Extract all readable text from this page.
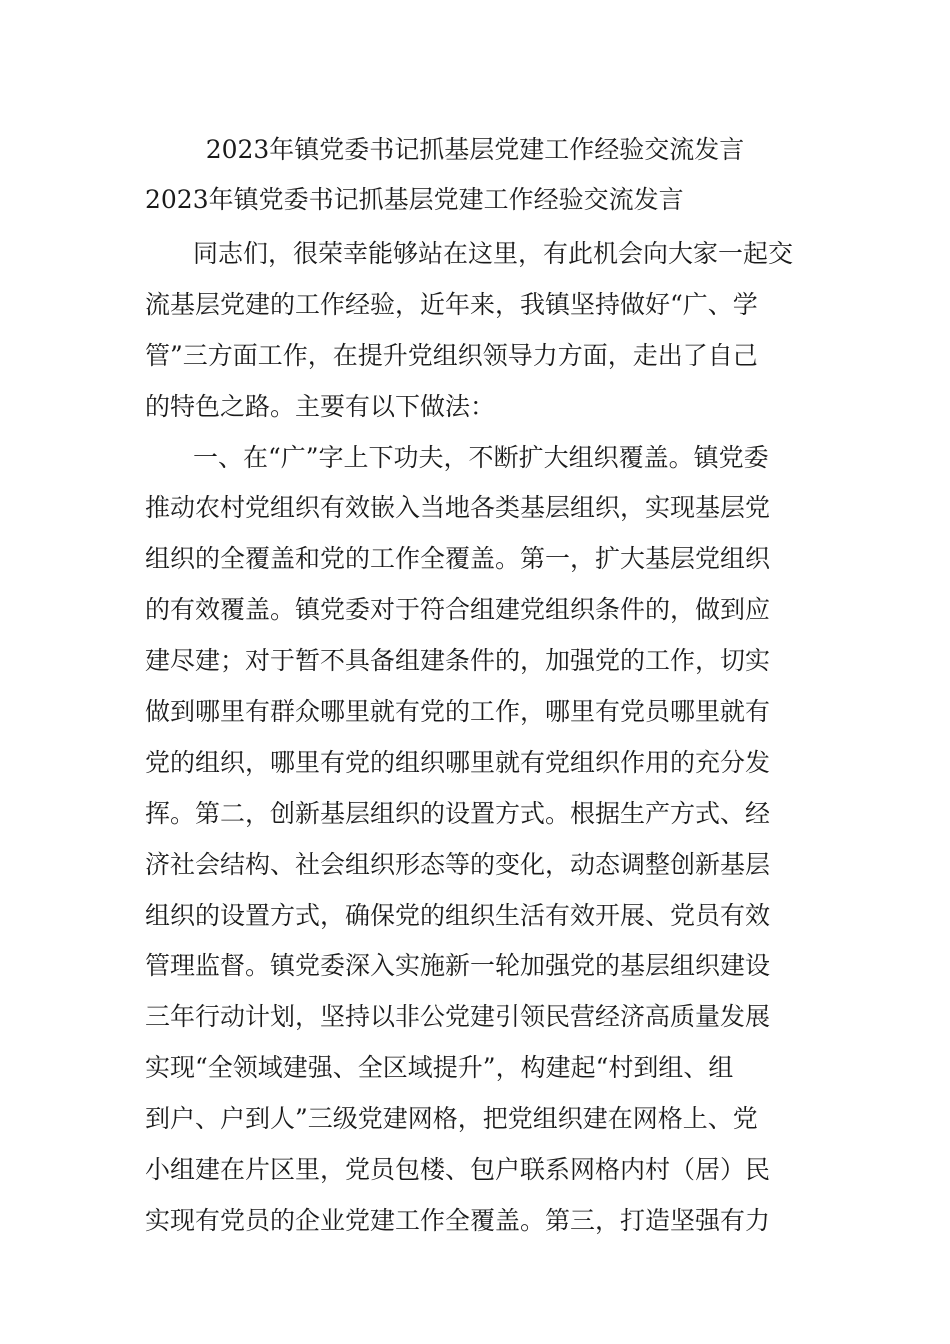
2023年镇党委书记抓基层党建工作经验交流发言
2023年镇党委书记抓基层党建工作经验交流发言
同志们，很荣幸能够站在这里，有此机会向大家一起交
流基层党建的工作经验，近年来，我镇坚持做好“广、学
管”三方面工作，在提升党组织领导力方面，走出了自己
的特色之路。主要有以下做法：
一、在“广”字上下功夫，不断扩大组织覆盖。镇党委
推动农村党组织有效嵌入当地各类基层组织，实现基层党
组织的全覆盖和党的工作全覆盖。第一，扩大基层党组织
的有效覆盖。镇党委对于符合组建党组织条件的，做到应
建尽建；对于暂不具备组建条件的，加强党的工作，切实
做到哪里有群众哪里就有党的工作，哪里有党员哪里就有
党的组织，哪里有党的组织哪里就有党组织作用的充分发
挥。第二，创新基层组织的设置方式。根据生产方式、经
济社会结构、社会组织形态等的变化，动态调整创新基层
组织的设置方式，确保党的组织生活有效开展、党员有效
管理监督。镇党委深入实施新一轮加强党的基层组织建设
三年行动计划，坚持以非公党建引领民营经济高质量发展
实现“全领域建强、全区域提升”，构建起“村到组、组
到户、户到人”三级党建网格，把党组织建在网格上、党
小组建在片区里，党员包楼、包户联系网格内村（居）民
实现有党员的企业党建工作全覆盖。第三，打造坚强有力
